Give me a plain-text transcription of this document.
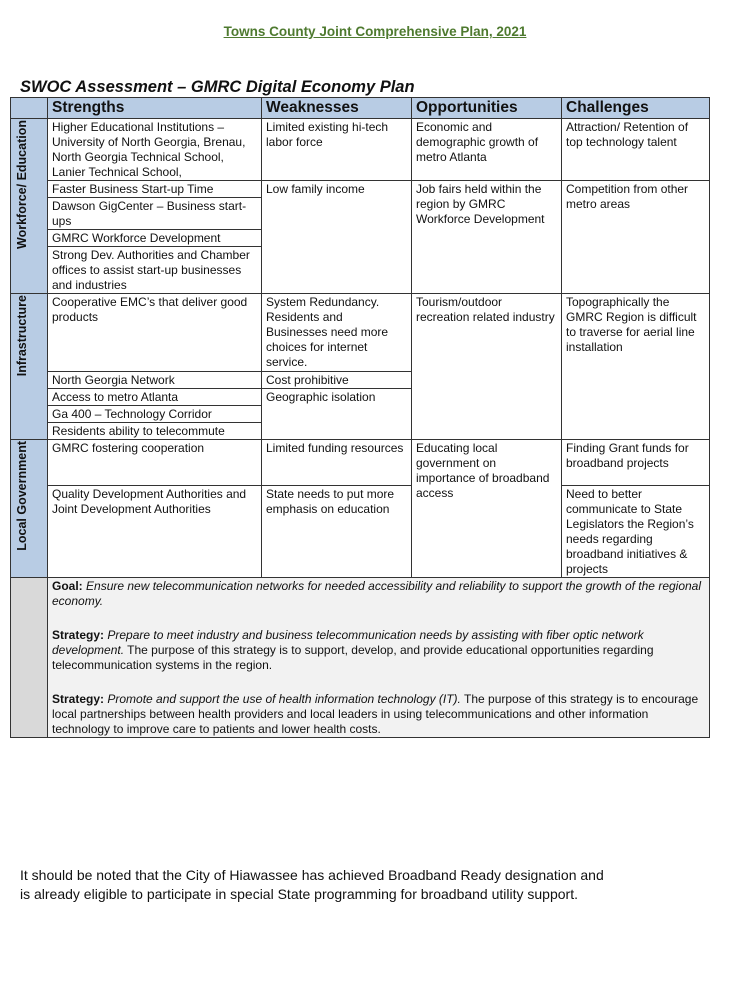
Towns County Joint Comprehensive Plan, 2021
SWOC Assessment – GMRC Digital Economy Plan
	Strengths	Weaknesses	Opportunities	Challenges
Workforce/ Education	Higher Educational Institutions – University of North Georgia, Brenau, North Georgia Technical School, Lanier Technical School,	Limited existing hi-tech labor force	Economic and demographic growth of metro Atlanta	Attraction/ Retention of top technology talent
	Faster Business Start-up Time	Low family income	Job fairs held within the region by GMRC Workforce Development	Competition from other metro areas
	Dawson GigCenter – Business start-ups			
	GMRC Workforce Development			
	Strong Dev. Authorities and Chamber offices to assist start-up businesses and industries			
Infrastructure	Cooperative EMC’s that deliver good products	System Redundancy. Residents and Businesses need more choices for internet service.	Tourism/outdoor recreation related industry	Topographically the GMRC Region is difficult to traverse for aerial line installation
	North Georgia Network	Cost prohibitive		
	Access to metro Atlanta	Geographic isolation		
	Ga 400 – Technology Corridor			
	Residents ability to telecommute			
Local Government	GMRC fostering cooperation	Limited funding resources	Educating local government on importance of broadband access	Finding Grant funds for broadband projects
	Quality Development Authorities and Joint Development Authorities	State needs to put more emphasis on education		Need to better communicate to State Legislators the Region’s needs regarding broadband initiatives & projects

	Goal: Ensure new telecommunication networks for needed accessibility and reliability to support the growth of the regional economy.

Strategy: Prepare to meet industry and business telecommunication needs by assisting with fiber optic network development. The purpose of this strategy is to support, develop, and provide educational opportunities regarding telecommunication systems in the region.

Strategy: Promote and support the use of health information technology (IT). The purpose of this strategy is to encourage local partnerships between health providers and local leaders in using telecommunications and other information technology to improve care to patients and lower health costs.			

It should be noted that the City of Hiawassee has achieved Broadband Ready designation and
is already eligible to participate in special State programming for broadband utility support.
